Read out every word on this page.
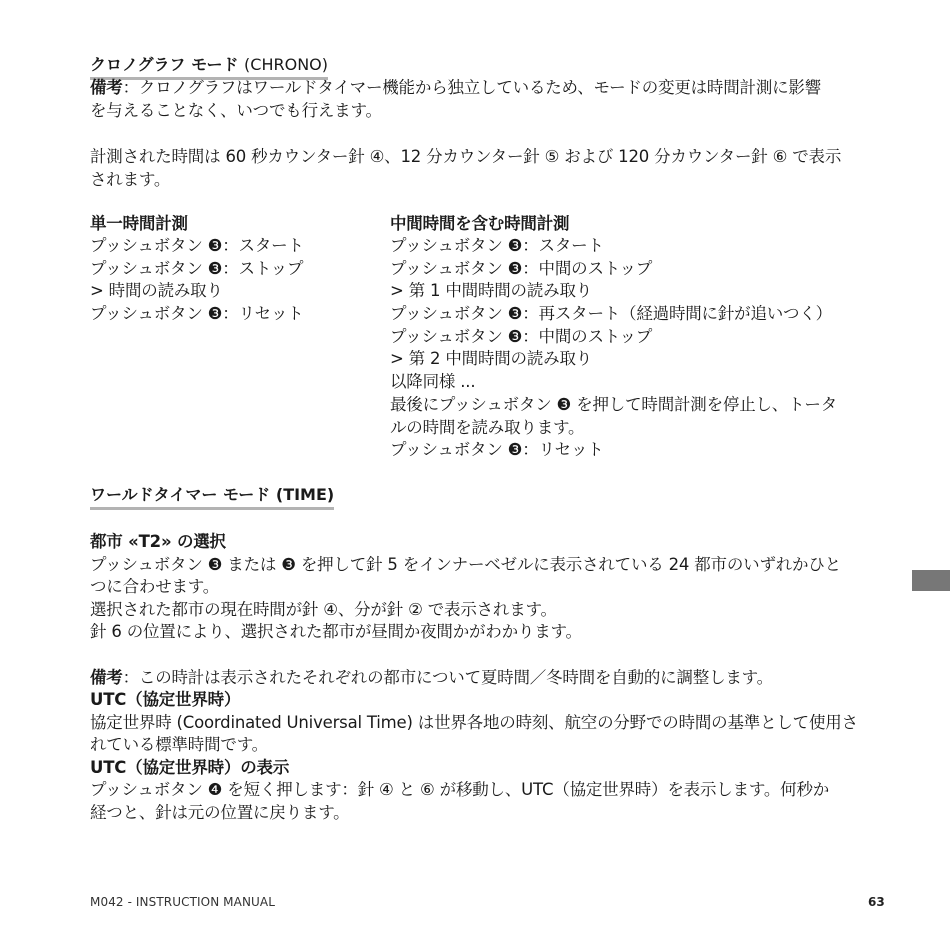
クロノグラフ モード (CHRONO)
備考：クロノグラフはワールドタイマー機能から独立しているため、モードの変更は時間計測に影響
を与えることなく、いつでも行えます。
計測された時間は 60 秒カウンター針 ④、12 分カウンター針 ⑤ および 120 分カウンター針 ⑥ で表示
されます。
単一時間計測
プッシュボタン ❸：スタート
プッシュボタン ❸：ストップ
> 時間の読み取り
プッシュボタン ❸：リセット
中間時間を含む時間計測
プッシュボタン ❸：スタート
プッシュボタン ❸：中間のストップ
> 第 1 中間時間の読み取り
プッシュボタン ❸：再スタート（経過時間に針が追いつく）
プッシュボタン ❸：中間のストップ
> 第 2 中間時間の読み取り
以降同様 ...
最後にプッシュボタン ❸ を押して時間計測を停止し、トータ
ルの時間を読み取ります。
プッシュボタン ❸：リセット
ワールドタイマー モード (TIME)
都市 «T2» の選択
プッシュボタン ❸ または ❸ を押して針 5 をインナーベゼルに表示されている 24 都市のいずれかひと
つに合わせます。
選択された都市の現在時間が針 ④、分が針 ② で表示されます。
針 6 の位置により、選択された都市が昼間か夜間かがわかります。
備考：この時計は表示されたそれぞれの都市について夏時間／冬時間を自動的に調整します。
UTC（協定世界時）
協定世界時 (Coordinated Universal Time) は世界各地の時刻、航空の分野での時間の基準として使用さ
れている標準時間です。
UTC（協定世界時）の表示
プッシュボタン ❹ を短く押します：針 ④ と ⑥ が移動し、UTC（協定世界時）を表示します。何秒か
経つと、針は元の位置に戻ります。
M042 - INSTRUCTION MANUAL	63
